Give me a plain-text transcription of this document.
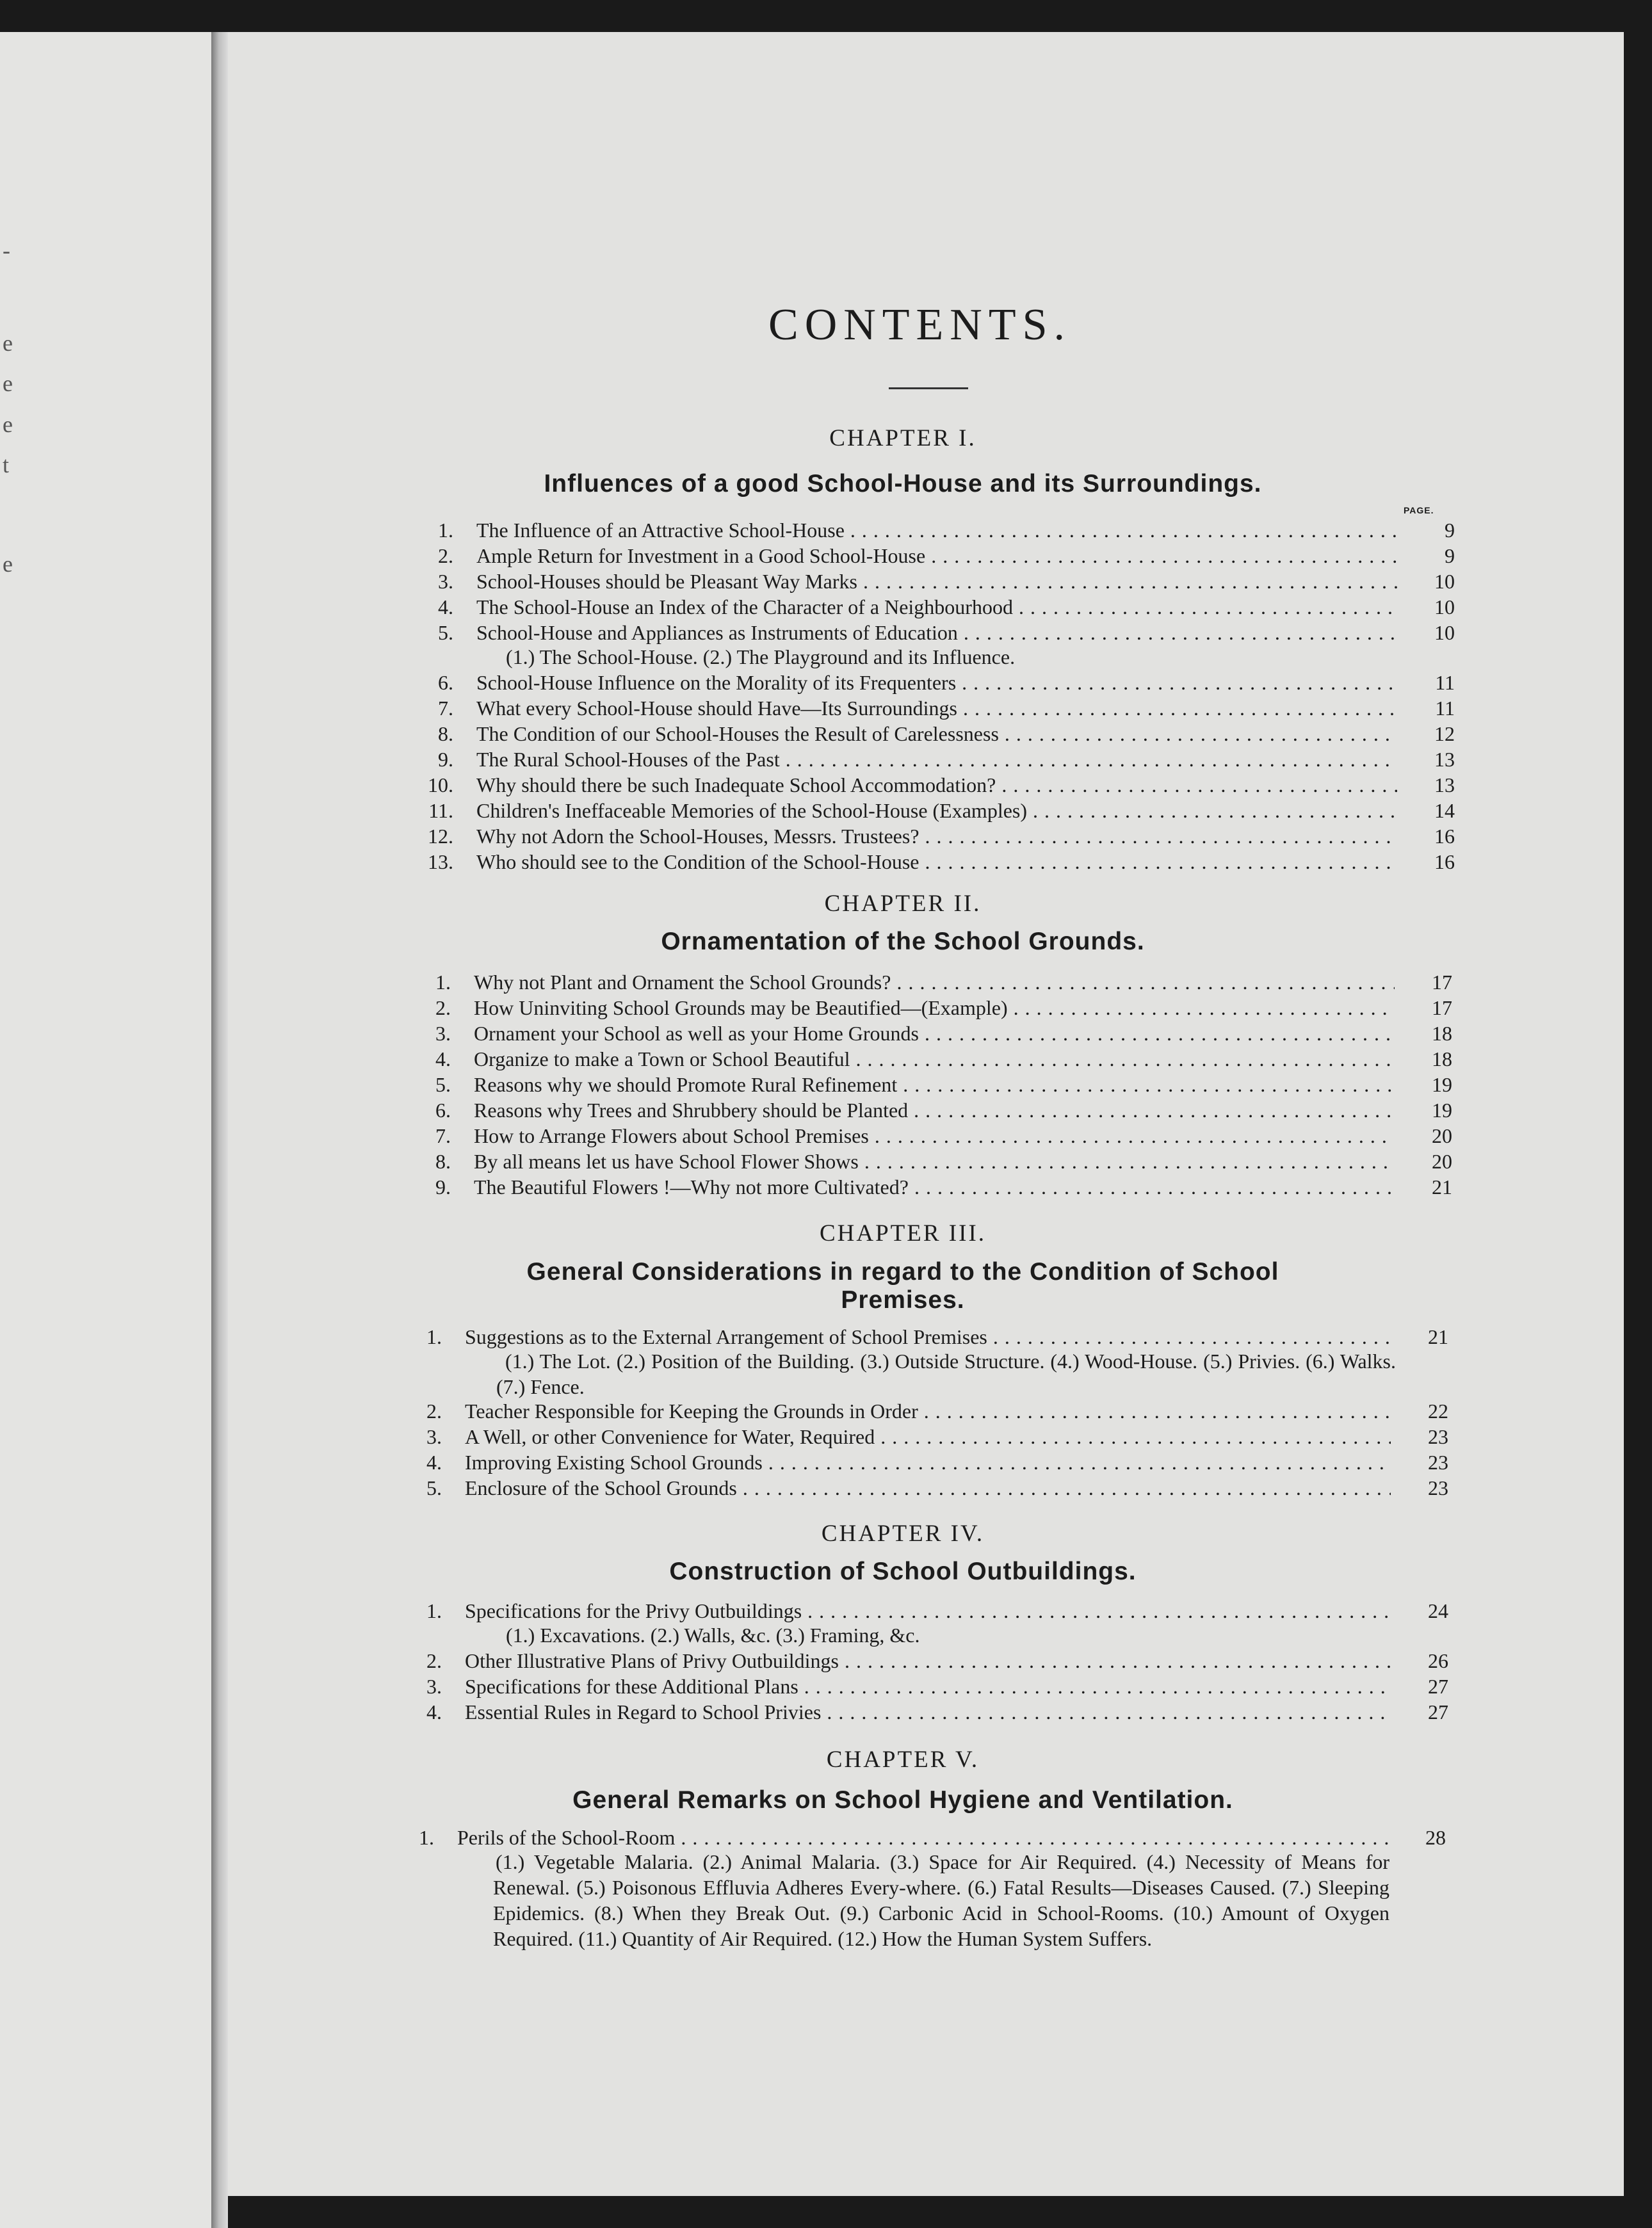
-
e
e
e
t
e
CONTENTS.
CHAPTER I.
Influences of a good School-House and its Surroundings.
PAGE.
1. The Influence of an Attractive School-House . . .	9
2. Ample Return for Investment in a Good School-House . . .	9
3. School-Houses should be Pleasant Way Marks . . .	10
4. The School-House an Index of the Character of a Neighbourhood . . .	10
5. School-House and Appliances as Instruments of Education . . .	10
(1.) The School-House. (2.) The Playground and its Influence.
6. School-House Influence on the Morality of its Frequenters . . .	11
7. What every School-House should Have—Its Surroundings . . .	11
8. The Condition of our School-Houses the Result of Carelessness . . .	12
9. The Rural School-Houses of the Past . . .	13
10. Why should there be such Inadequate School Accommodation? . . .	13
11. Children's Ineffaceable Memories of the School-House (Examples) . . .	14
12. Why not Adorn the School-Houses, Messrs. Trustees? . . .	16
13. Who should see to the Condition of the School-House . . .	16
CHAPTER II.
Ornamentation of the School Grounds.
1. Why not Plant and Ornament the School Grounds? . . .	17
2. How Uninviting School Grounds may be Beautified—(Example) . . .	17
3. Ornament your School as well as your Home Grounds . . .	18
4. Organize to make a Town or School Beautiful . . .	18
5. Reasons why we should Promote Rural Refinement . . .	19
6. Reasons why Trees and Shrubbery should be Planted . . .	19
7. How to Arrange Flowers about School Premises . . .	20
8. By all means let us have School Flower Shows . . .	20
9. The Beautiful Flowers !—Why not more Cultivated? . . .	21
CHAPTER III.
General Considerations in regard to the Condition of School
Premises.
1. Suggestions as to the External Arrangement of School Premises . . .	21
(1.) The Lot. (2.) Position of the Building. (3.) Outside Structure. (4.) Wood-House. (5.) Privies. (6.) Walks. (7.) Fence.
2. Teacher Responsible for Keeping the Grounds in Order . . .	22
3. A Well, or other Convenience for Water, Required . . .	23
4. Improving Existing School Grounds . . .	23
5. Enclosure of the School Grounds . . .	23
CHAPTER IV.
Construction of School Outbuildings.
1. Specifications for the Privy Outbuildings . . .	24
(1.) Excavations. (2.) Walls, &c. (3.) Framing, &c.
2. Other Illustrative Plans of Privy Outbuildings . . .	26
3. Specifications for these Additional Plans . . .	27
4. Essential Rules in Regard to School Privies . . .	27
CHAPTER V.
General Remarks on School Hygiene and Ventilation.
1. Perils of the School-Room . . .	28
(1.) Vegetable Malaria. (2.) Animal Malaria. (3.) Space for Air Required. (4.) Necessity of Means for Renewal. (5.) Poisonous Effluvia Adheres Every-where. (6.) Fatal Results—Diseases Caused. (7.) Sleeping Epidemics. (8.) When they Break Out. (9.) Carbonic Acid in School-Rooms. (10.) Amount of Oxygen Required. (11.) Quantity of Air Required. (12.) How the Human System Suffers.
